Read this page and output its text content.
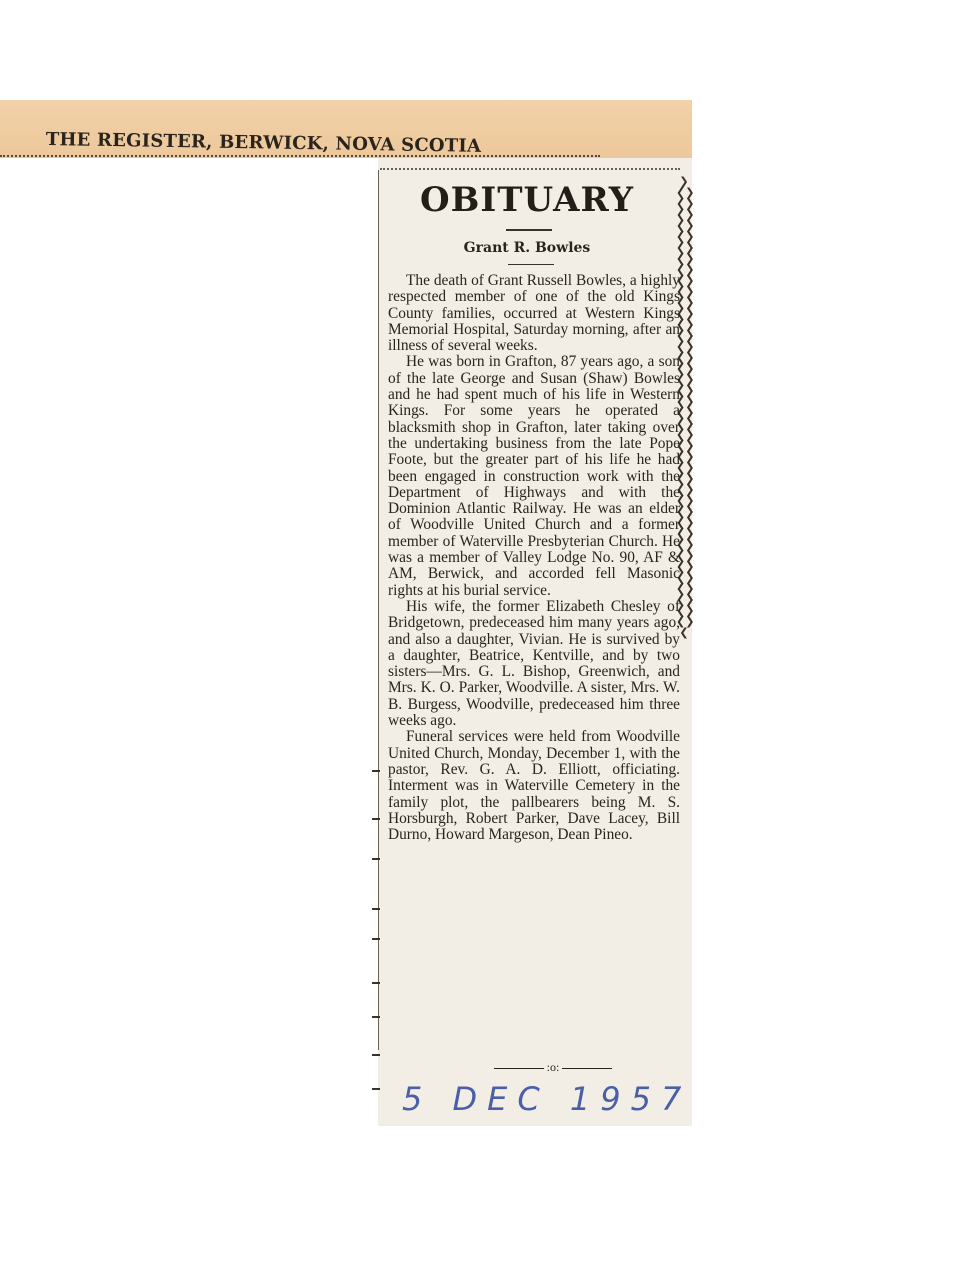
THE REGISTER, BERWICK, NOVA SCOTIA

❯❮❯❮❯❮❯❮❯❮❯❮❯❮❯❮❯❮❯❮❯❮❯❮❯❮❯❮❯❮❯❮❯❮❯❮❯❮❯❮❯❮❯❮❯❮❯❮❯❮❯❮❯❮❯❮❯❮❯❮❯❮❯❮❯❮❯❮❯❮❯❮❯❮❯❮❯❮❯❮❯❮
OBITUARY
Grant R. Bowles

The death of Grant Russell Bowles, a highly respected member of one of the old Kings County families, occurred at Western Kings Memorial Hospital, Saturday morning, after an illness of several weeks.

He was born in Grafton, 87 years ago, a son of the late George and Susan (Shaw) Bowles and he had spent much of his life in Western Kings. For some years he operated a blacksmith shop in Grafton, later taking over the undertaking business from the late Pope Foote, but the greater part of his life he had been engaged in construction work with the Department of Highways and with the Dominion Atlantic Railway. He was an elder of Woodville United Church and a former member of Waterville Presbyterian Church. He was a member of Valley Lodge No. 90, AF & AM, Berwick, and accorded fell Masonic rights at his burial service.

His wife, the former Elizabeth Chesley of Bridgetown, predeceased him many years ago, and also a daughter, Vivian. He is survived by a daughter, Beatrice, Kentville, and by two sisters—Mrs. G. L. Bishop, Greenwich, and Mrs. K. O. Parker, Woodville. A sister, Mrs. W. B. Burgess, Woodville, predeceased him three weeks ago.

Funeral services were held from Woodville United Church, Monday, December 1, with the pastor, Rev. G. A. D. Elliott, officiating. Interment was in Waterville Cemetery in the family plot, the pallbearers being M. S. Horsburgh, Robert Parker, Dave Lacey, Bill Durno, Howard Margeson, Dean Pineo.

:o:

5 DEC 1957
